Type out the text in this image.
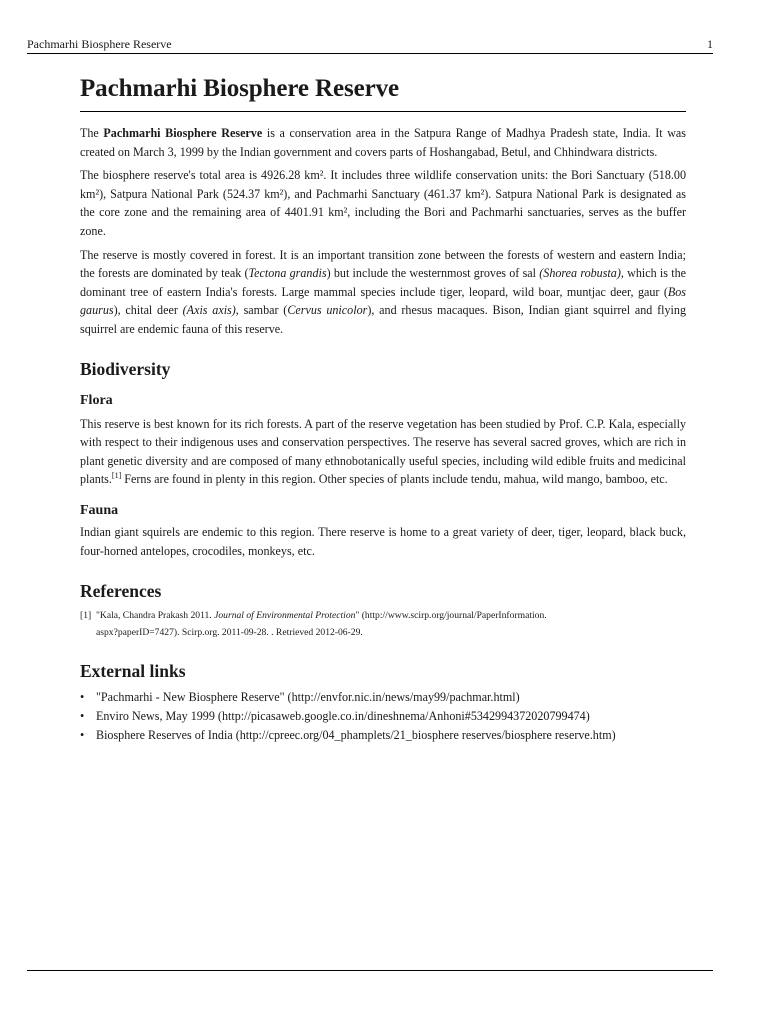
Pachmarhi Biosphere Reserve	1
Pachmarhi Biosphere Reserve

The Pachmarhi Biosphere Reserve is a conservation area in the Satpura Range of Madhya Pradesh state, India. It was created on March 3, 1999 by the Indian government and covers parts of Hoshangabad, Betul, and Chhindwara districts.

The biosphere reserve's total area is 4926.28 km². It includes three wildlife conservation units: the Bori Sanctuary (518.00 km²), Satpura National Park (524.37 km²), and Pachmarhi Sanctuary (461.37 km²). Satpura National Park is designated as the core zone and the remaining area of 4401.91 km², including the Bori and Pachmarhi sanctuaries, serves as the buffer zone.

The reserve is mostly covered in forest. It is an important transition zone between the forests of western and eastern India; the forests are dominated by teak (Tectona grandis) but include the westernmost groves of sal (Shorea robusta), which is the dominant tree of eastern India's forests. Large mammal species include tiger, leopard, wild boar, muntjac deer, gaur (Bos gaurus), chital deer (Axis axis), sambar (Cervus unicolor), and rhesus macaques. Bison, Indian giant squirrel and flying squirrel are endemic fauna of this reserve.

Biodiversity
Flora

This reserve is best known for its rich forests. A part of the reserve vegetation has been studied by Prof. C.P. Kala, especially with respect to their indigenous uses and conservation perspectives. The reserve has several sacred groves, which are rich in plant genetic diversity and are composed of many ethnobotanically useful species, including wild edible fruits and medicinal plants.[1] Ferns are found in plenty in this region. Other species of plants include tendu, mahua, wild mango, bamboo, etc.

Fauna

Indian giant squirels are endemic to this region. There reserve is home to a great variety of deer, tiger, leopard, black buck, four-horned antelopes, crocodiles, monkeys, etc.

References
[1] "Kala, Chandra Prakash 2011. Journal of Environmental Protection" (http://www.scirp.org/journal/PaperInformation.
aspx?paperID=7427). Scirp.org. 2011-09-28. . Retrieved 2012-06-29.
External links
• "Pachmarhi - New Biosphere Reserve" (http://envfor.nic.in/news/may99/pachmar.html)
• Enviro News, May 1999 (http://picasaweb.google.co.in/dineshnema/Anhoni#5342994372020799474)
• Biosphere Reserves of India (http://cpreec.org/04_phamplets/21_biosphere reserves/biosphere reserve.htm)
